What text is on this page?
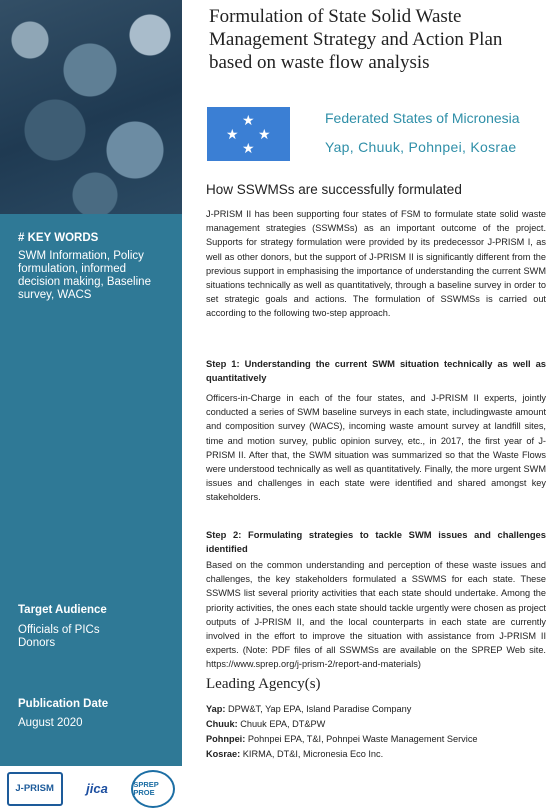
# KEY WORDS
SWM Information, Policy formulation, informed decision making, Baseline survey, WACS
Target Audience
Officials of PICs
Donors
Publication Date
August 2020
J-PRISM	jica	SPREP PROE
Formulation of State Solid Waste Management Strategy and Action Plan based on waste flow analysis
★
★ ★
★
Federated States of Micronesia
Yap, Chuuk, Pohnpei, Kosrae
How SSWMSs are successfully formulated
J-PRISM II has been supporting four states of FSM to formulate state solid waste management strategies (SSWMSs) as an important outcome of the project. Supports for strategy formulation were provided by its predecessor J-PRISM I, as well as other donors, but the support of J-PRISM II is significantly different from the previous support in emphasising the importance of understanding the current SWM situations technically as well as quantitatively, through a baseline survey in order to set strategic goals and actions. The formulation of SSWMSs is carried out according to the following two-step approach.
Step 1: Understanding the current SWM situation technically as well as quantitatively
Officers-in-Charge in each of the four states, and J-PRISM II experts, jointly conducted a series of SWM baseline surveys in each state, includingwaste amount and composition survey (WACS), incoming waste amount survey at landfill sites, time and motion survey, public opinion survey, etc., in 2017, the first year of J-PRISM II. After that, the SWM situation was summarized so that the Waste Flows were understood technically as well as quantitatively. Finally, the more urgent SWM issues and challenges in each state were identified and shared amongst key stakeholders.
Step 2: Formulating strategies to tackle SWM issues and challenges identified
Based on the common understanding and perception of these waste issues and challenges, the key stakeholders formulated a SSWMS for each state. These SSWMS list several priority activities that each state should undertake. Among the priority activities, the ones each state should tackle urgently were chosen as project outputs of J-PRISM II, and the local counterparts in each state are currently involved in the effort to improve the situation with assistance from J-PRISM II experts. (Note: PDF files of all SSWMSs are available on the SPREP Web site. https://www.sprep.org/j-prism-2/report-and-materials)
Leading Agency(s)
Yap: DPW&T, Yap EPA, Island Paradise Company
Chuuk: Chuuk EPA, DT&PW
Pohnpei: Pohnpei EPA, T&I, Pohnpei Waste Management Service
Kosrae: KIRMA, DT&I, Micronesia Eco Inc.
